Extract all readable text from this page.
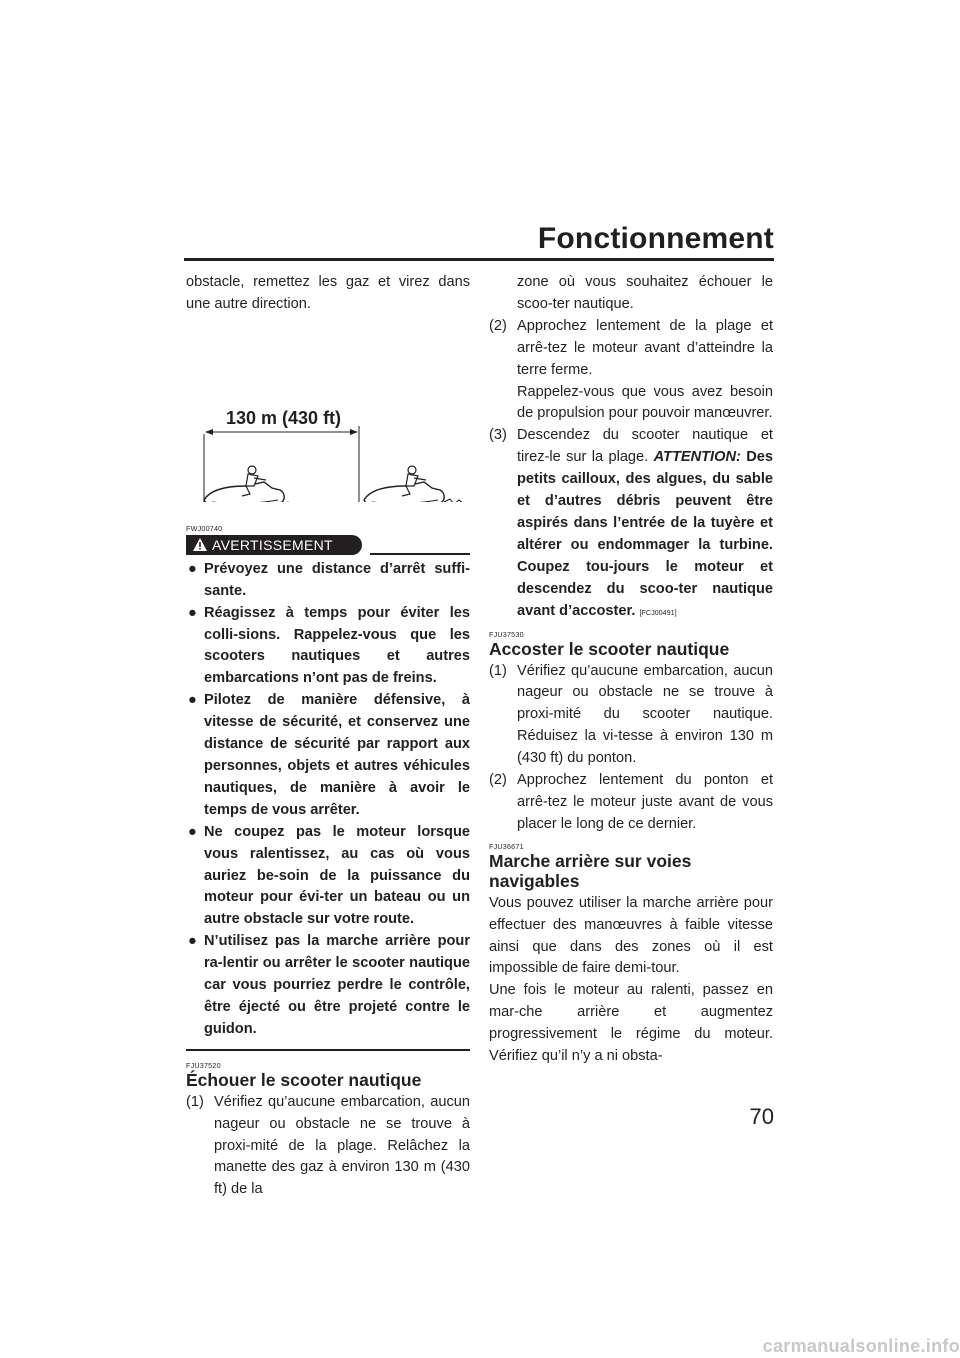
Fonctionnement

obstacle, remettez les gaz et virez dans une autre direction.

130 m (430 ft)
FWJ00740
AVERTISSEMENT

● Prévoyez une distance d’arrêt suffi-sante.

● Réagissez à temps pour éviter les colli-sions. Rappelez-vous que les scooters nautiques et autres embarcations n’ont pas de freins.

● Pilotez de manière défensive, à vitesse de sécurité, et conservez une distance de sécurité par rapport aux personnes, objets et autres véhicules nautiques, de manière à avoir le temps de vous arrêter.

● Ne coupez pas le moteur lorsque vous ralentissez, au cas où vous auriez be-soin de la puissance du moteur pour évi-ter un bateau ou un autre obstacle sur votre route.

● N’utilisez pas la marche arrière pour ra-lentir ou arrêter le scooter nautique car vous pourriez perdre le contrôle, être éjecté ou être projeté contre le guidon.

FJU37520
Échouer le scooter nautique

(1) Vérifiez qu’aucune embarcation, aucun nageur ou obstacle ne se trouve à proxi-mité de la plage. Relâchez la manette des gaz à environ 130 m (430 ft) de la

zone où vous souhaitez échouer le scoo-ter nautique.

(2) Approchez lentement de la plage et arrê-tez le moteur avant d’atteindre la terre ferme.

Rappelez-vous que vous avez besoin de propulsion pour pouvoir manœuvrer.

(3) Descendez du scooter nautique et tirez-le sur la plage. ATTENTION: Des petits cailloux, des algues, du sable et d’autres débris peuvent être aspirés dans l’entrée de la tuyère et altérer ou endommager la turbine. Coupez tou-jours le moteur et descendez du scoo-ter nautique avant d’accoster. [FCJ00491]

FJU37530
Accoster le scooter nautique

(1) Vérifiez qu’aucune embarcation, aucun nageur ou obstacle ne se trouve à proxi-mité du scooter nautique. Réduisez la vi-tesse à environ 130 m (430 ft) du ponton.

(2) Approchez lentement du ponton et arrê-tez le moteur juste avant de vous placer le long de ce dernier.

FJU36671
Marche arrière sur voies navigables

Vous pouvez utiliser la marche arrière pour effectuer des manœuvres à faible vitesse ainsi que dans des zones où il est impossible de faire demi-tour.

Une fois le moteur au ralenti, passez en mar-che arrière et augmentez progressivement le régime du moteur. Vérifiez qu’il n’y a ni obsta-

70
carmanualsonline.info
